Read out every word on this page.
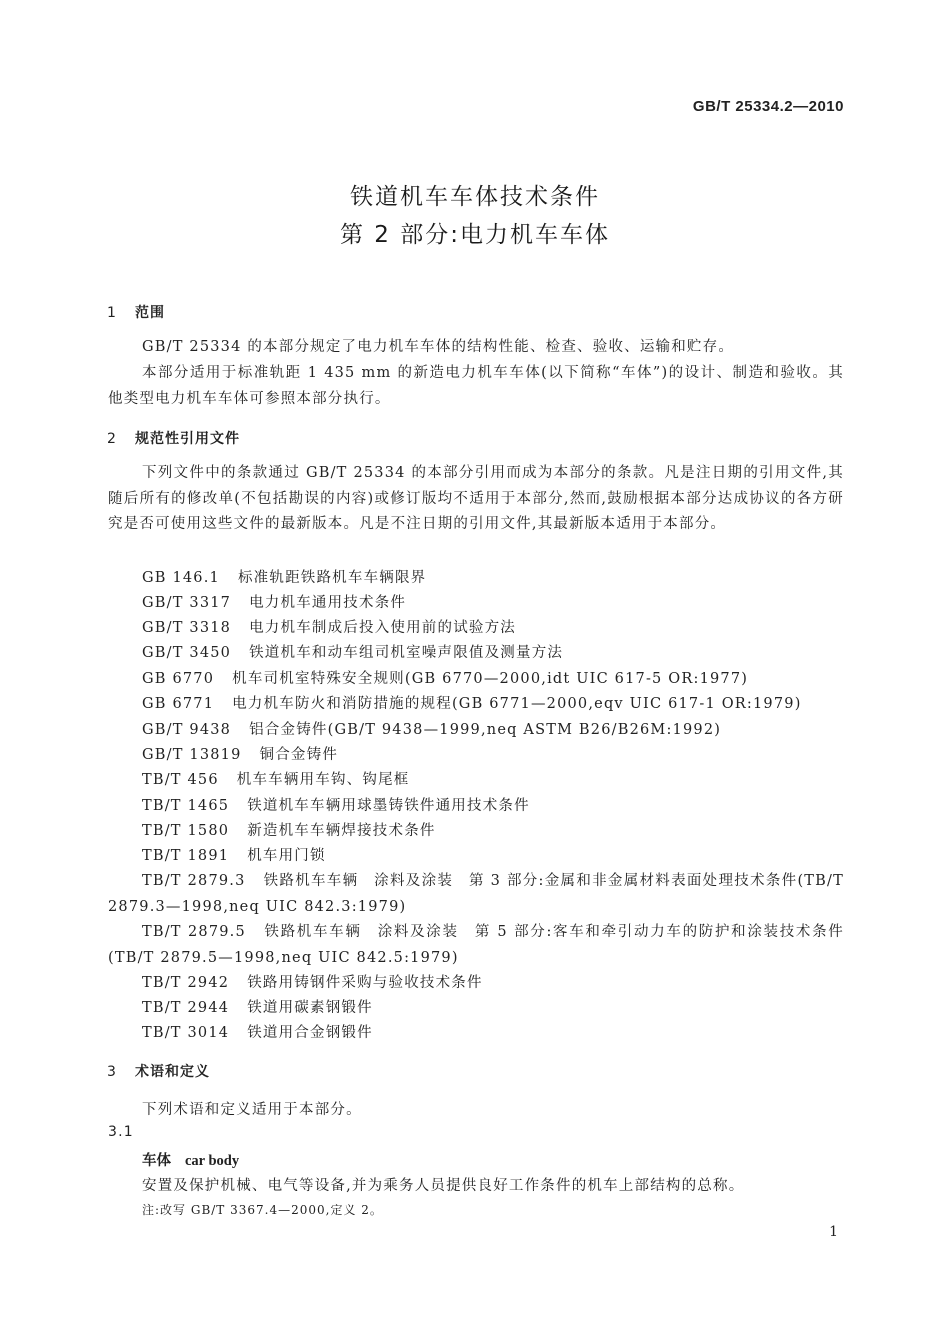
GB/T 25334.2—2010
铁道机车车体技术条件
第 2 部分:电力机车车体
1 范围
GB/T 25334 的本部分规定了电力机车车体的结构性能、检查、验收、运输和贮存。
本部分适用于标准轨距 1 435 mm 的新造电力机车车体(以下简称“车体”)的设计、制造和验收。其他类型电力机车车体可参照本部分执行。
2 规范性引用文件
下列文件中的条款通过 GB/T 25334 的本部分引用而成为本部分的条款。凡是注日期的引用文件,其随后所有的修改单(不包括勘误的内容)或修订版均不适用于本部分,然而,鼓励根据本部分达成协议的各方研究是否可使用这些文件的最新版本。凡是不注日期的引用文件,其最新版本适用于本部分。
GB 146.1 标准轨距铁路机车车辆限界
GB/T 3317 电力机车通用技术条件
GB/T 3318 电力机车制成后投入使用前的试验方法
GB/T 3450 铁道机车和动车组司机室噪声限值及测量方法
GB 6770 机车司机室特殊安全规则(GB 6770—2000,idt UIC 617-5 OR:1977)
GB 6771 电力机车防火和消防措施的规程(GB 6771—2000,eqv UIC 617-1 OR:1979)
GB/T 9438 铝合金铸件(GB/T 9438—1999,neq ASTM B26/B26M:1992)
GB/T 13819 铜合金铸件
TB/T 456 机车车辆用车钩、钩尾框
TB/T 1465 铁道机车车辆用球墨铸铁件通用技术条件
TB/T 1580 新造机车车辆焊接技术条件
TB/T 1891 机车用门锁
TB/T 2879.3 铁路机车车辆　涂料及涂装　第 3 部分:金属和非金属材料表面处理技术条件(TB/T 2879.3—1998,neq UIC 842.3:1979)
TB/T 2879.5 铁路机车车辆　涂料及涂装　第 5 部分:客车和牵引动力车的防护和涂装技术条件(TB/T 2879.5—1998,neq UIC 842.5:1979)
TB/T 2942 铁路用铸钢件采购与验收技术条件
TB/T 2944 铁道用碳素钢锻件
TB/T 3014 铁道用合金钢锻件
3 术语和定义
下列术语和定义适用于本部分。
3.1
车体 car body
安置及保护机械、电气等设备,并为乘务人员提供良好工作条件的机车上部结构的总称。
注:改写 GB/T 3367.4—2000,定义 2。
1
